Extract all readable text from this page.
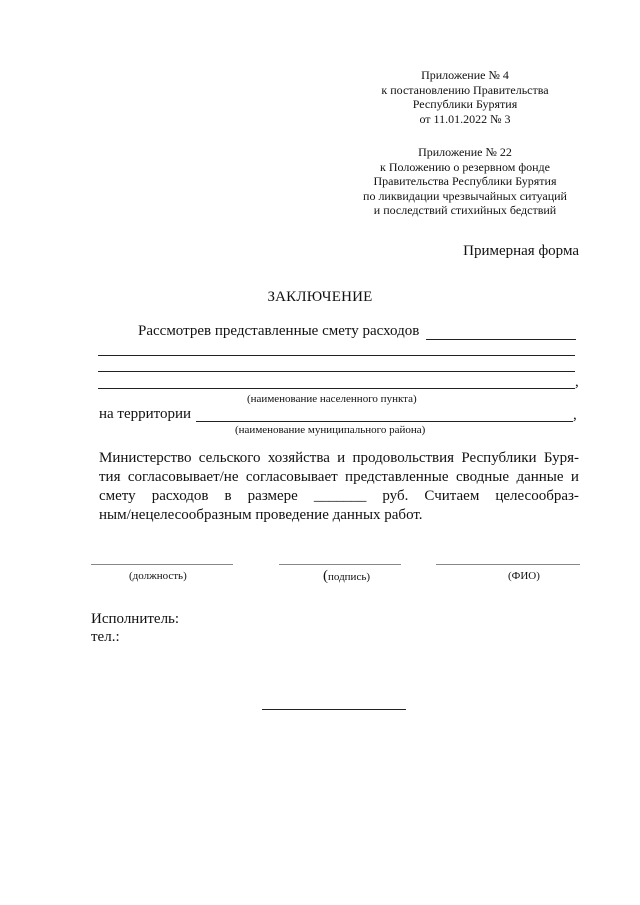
Приложение № 4
к постановлению Правительства
Республики Бурятия
от 11.01.2022 № 3
Приложение № 22
к Положению о резервном фонде
Правительства Республики Бурятия
по ликвидации чрезвычайных ситуаций
и последствий стихийных бедствий
Примерная форма
ЗАКЛЮЧЕНИЕ
Рассмотрев представленные смету расходов
,
(наименование населенного пункта)
на территории	,
(наименование муниципального района)
Министерство сельского хозяйства и продовольствия Республики Буря-
тия согласовывает/не согласовывает представленные сводные данные и
смету расходов в размере _______ руб. Считаем целесообраз-
ным/нецелесообразным проведение данных работ.
(должность)	(подпись)	(ФИО)
Исполнитель:
тел.:
